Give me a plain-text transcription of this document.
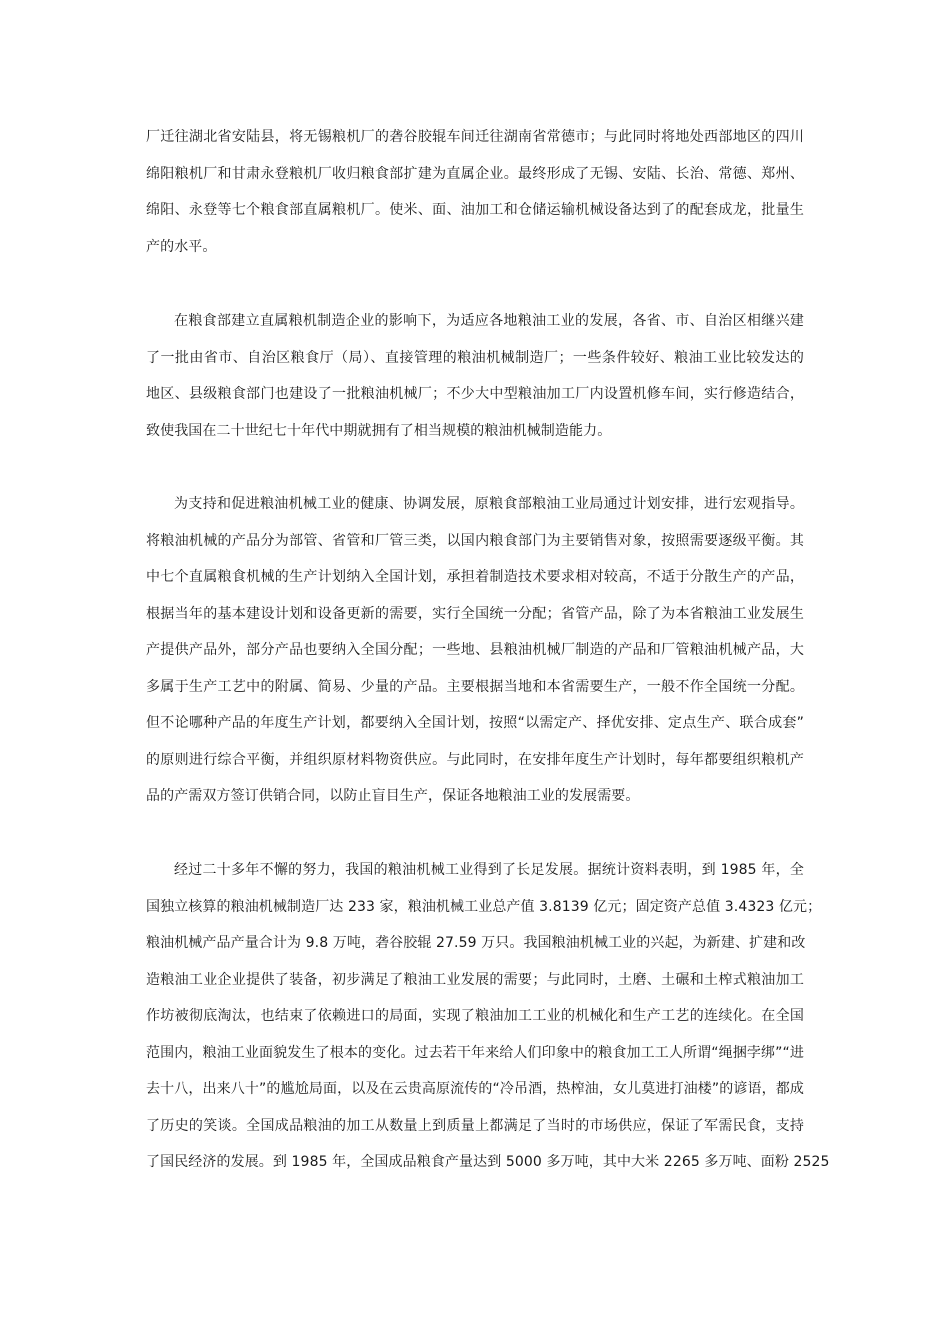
厂迁往湖北省安陆县，将无锡粮机厂的砻谷胶辊车间迁往湖南省常德市；与此同时将地处西部地区的四川
绵阳粮机厂和甘肃永登粮机厂收归粮食部扩建为直属企业。最终形成了无锡、安陆、长治、常德、郑州、
绵阳、永登等七个粮食部直属粮机厂。使米、面、油加工和仓储运输机械设备达到了的配套成龙，批量生
产的水平。
在粮食部建立直属粮机制造企业的影响下，为适应各地粮油工业的发展，各省、市、自治区相继兴建
了一批由省市、自治区粮食厅（局）、直接管理的粮油机械制造厂；一些条件较好、粮油工业比较发达的
地区、县级粮食部门也建设了一批粮油机械厂；不少大中型粮油加工厂内设置机修车间，实行修造结合，
致使我国在二十世纪七十年代中期就拥有了相当规模的粮油机械制造能力。
为支持和促进粮油机械工业的健康、协调发展，原粮食部粮油工业局通过计划安排，进行宏观指导。
将粮油机械的产品分为部管、省管和厂管三类，以国内粮食部门为主要销售对象，按照需要逐级平衡。其
中七个直属粮食机械的生产计划纳入全国计划，承担着制造技术要求相对较高，不适于分散生产的产品，
根据当年的基本建设计划和设备更新的需要，实行全国统一分配；省管产品，除了为本省粮油工业发展生
产提供产品外，部分产品也要纳入全国分配；一些地、县粮油机械厂制造的产品和厂管粮油机械产品，大
多属于生产工艺中的附属、简易、少量的产品。主要根据当地和本省需要生产，一般不作全国统一分配。
但不论哪种产品的年度生产计划，都要纳入全国计划，按照“以需定产、择优安排、定点生产、联合成套”
的原则进行综合平衡，并组织原材料物资供应。与此同时，在安排年度生产计划时，每年都要组织粮机产
品的产需双方签订供销合同，以防止盲目生产，保证各地粮油工业的发展需要。
经过二十多年不懈的努力，我国的粮油机械工业得到了长足发展。据统计资料表明，到 1985 年，全
国独立核算的粮油机械制造厂达 233 家，粮油机械工业总产值 3.8139 亿元；固定资产总值 3.4323 亿元；
粮油机械产品产量合计为 9.8 万吨，砻谷胶辊 27.59 万只。我国粮油机械工业的兴起，为新建、扩建和改
造粮油工业企业提供了装备，初步满足了粮油工业发展的需要；与此同时，土磨、土碾和土榨式粮油加工
作坊被彻底淘汰，也结束了依赖进口的局面，实现了粮油加工工业的机械化和生产工艺的连续化。在全国
范围内，粮油工业面貌发生了根本的变化。过去若干年来给人们印象中的粮食加工工人所谓“绳捆孛绑”“进
去十八，出来八十”的尴尬局面，以及在云贵高原流传的“冷吊酒，热榨油，女儿莫进打油楼”的谚语，都成
了历史的笑谈。全国成品粮油的加工从数量上到质量上都满足了当时的市场供应，保证了军需民食，支持
了国民经济的发展。到 1985 年，全国成品粮食产量达到 5000 多万吨，其中大米 2265 多万吨、面粉 2525
